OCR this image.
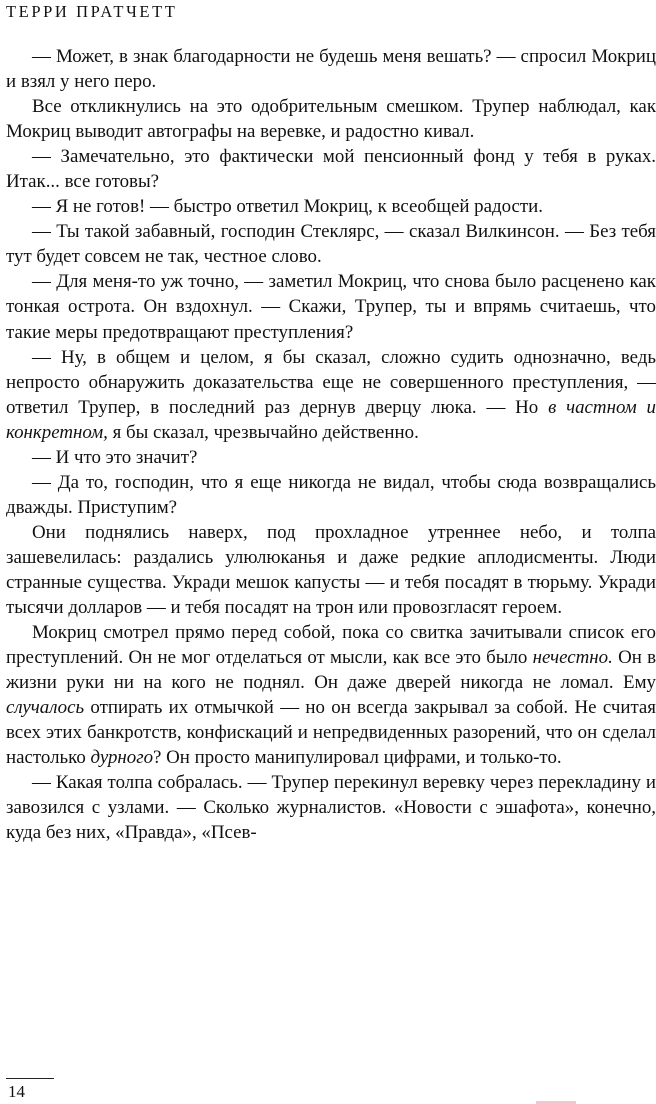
ТЕРРИ ПРАТЧЕТТ

— Может, в знак благодарности не будешь меня вешать? — спросил Мокриц и взял у него перо.

Все откликнулись на это одобрительным смешком. Трупер наблюдал, как Мокриц выводит автографы на веревке, и радостно кивал.

— Замечательно, это фактически мой пенсионный фонд у тебя в руках. Итак... все готовы?

— Я не готов! — быстро ответил Мокриц, к всеобщей радости.

— Ты такой забавный, господин Стеклярс, — сказал Вилкинсон. — Без тебя тут будет совсем не так, честное слово.

— Для меня-то уж точно, — заметил Мокриц, что снова было расценено как тонкая острота. Он вздохнул. — Скажи, Трупер, ты и впрямь считаешь, что такие меры предотвращают преступления?

— Ну, в общем и целом, я бы сказал, сложно судить однозначно, ведь непросто обнаружить доказательства еще не совершенного преступления, — ответил Трупер, в последний раз дернув дверцу люка. — Но в частном и конкретном, я бы сказал, чрезвычайно действенно.

— И что это значит?

— Да то, господин, что я еще никогда не видал, чтобы сюда возвращались дважды. Приступим?

Они поднялись наверх, под прохладное утреннее небо, и толпа зашевелилась: раздались улюлюканья и даже редкие аплодисменты. Люди странные существа. Укради мешок капусты — и тебя посадят в тюрьму. Укради тысячи долларов — и тебя посадят на трон или провозгласят героем.

Мокриц смотрел прямо перед собой, пока со свитка зачитывали список его преступлений. Он не мог отделаться от мысли, как все это было нечестно. Он в жизни руки ни на кого не поднял. Он даже дверей никогда не ломал. Ему случалось отпирать их отмычкой — но он всегда закрывал за собой. Не считая всех этих банкротств, конфискаций и непредвиденных разорений, что он сделал настолько дурного? Он просто манипулировал цифрами, и только-то.

— Какая толпа собралась. — Трупер перекинул веревку через перекладину и завозился с узлами. — Сколько журналистов. «Новости с эшафота», конечно, куда без них, «Правда», «Псев-

14
